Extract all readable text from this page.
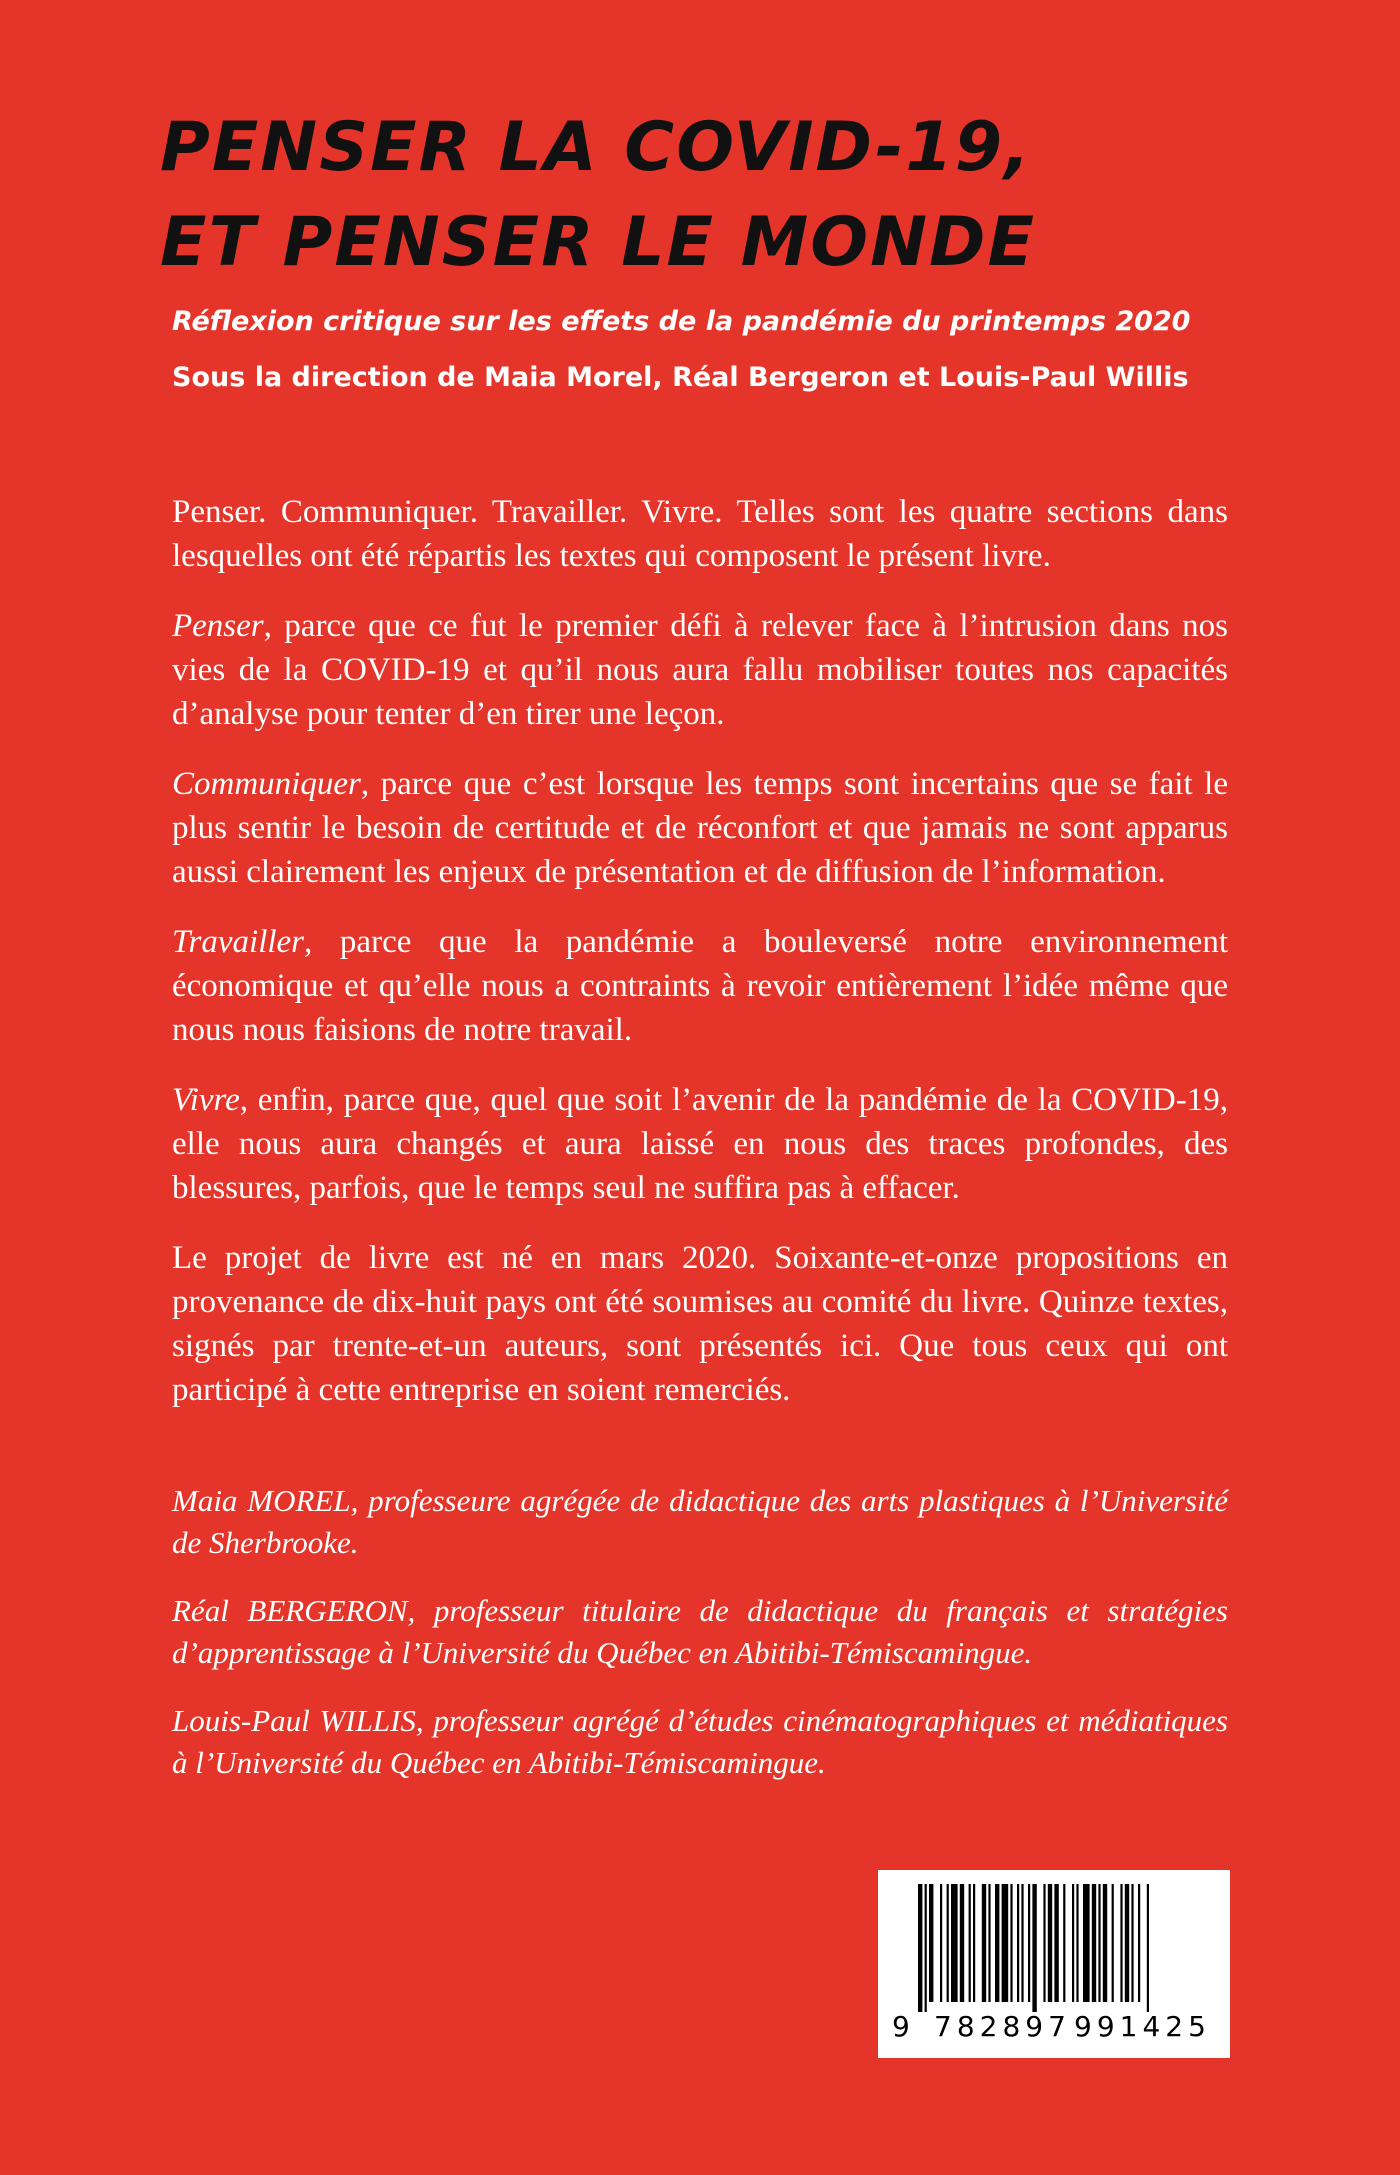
PENSER LA COVID-19,
ET PENSER LE MONDE
Réflexion critique sur les effets de la pandémie du printemps 2020
Sous la direction de Maia Morel, Réal Bergeron et Louis-Paul Willis

Penser. Communiquer. Travailler. Vivre. Telles sont les quatre sections dans lesquelles ont été répartis les textes qui composent le présent livre.

Penser, parce que ce fut le premier défi à relever face à l’intrusion dans nos vies de la COVID-19 et qu’il nous aura fallu mobiliser toutes nos capacités d’analyse pour tenter d’en tirer une leçon.

Communiquer, parce que c’est lorsque les temps sont incertains que se fait le plus sentir le besoin de certitude et de réconfort et que jamais ne sont apparus aussi clairement les enjeux de présentation et de diffusion de l’information.

Travailler, parce que la pandémie a bouleversé notre environnement économique et qu’elle nous a contraints à revoir entièrement l’idée même que nous nous faisions de notre travail.

Vivre, enfin, parce que, quel que soit l’avenir de la pandémie de la COVID-19, elle nous aura changés et aura laissé en nous des traces profondes, des blessures, parfois, que le temps seul ne suffira pas à effacer.

Le projet de livre est né en mars 2020. Soixante-et-onze propositions en provenance de dix-huit pays ont été soumises au comité du livre. Quinze textes, signés par trente-et-un auteurs, sont présentés ici. Que tous ceux qui ont participé à cette entreprise en soient remerciés.

Maia MOREL, professeure agrégée de didactique des arts plastiques à l’Université de Sherbrooke.

Réal BERGERON, professeur titulaire de didactique du français et stratégies d’apprentissage à l’Université du Québec en Abitibi-Témiscamingue.

Louis-Paul WILLIS, professeur agrégé d’études cinématographiques et médiatiques à l’Université du Québec en Abitibi-Témiscamingue.

9

782897

991425
